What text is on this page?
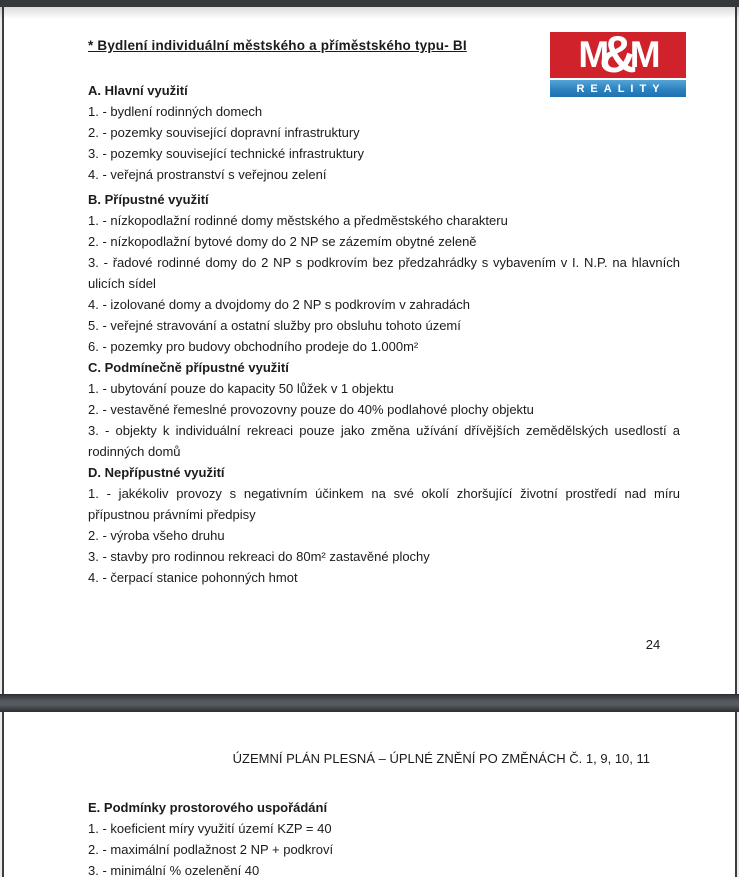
* Bydlení individuální městského a příměstského typu- BI	M
&
M
REALITY

A. Hlavní využití

1. - bydlení rodinných domech

2. - pozemky související dopravní infrastruktury

3. - pozemky související technické infrastruktury

4. - veřejná prostranství s veřejnou zelení

B. Přípustné využití

1. - nízkopodlažní rodinné domy městského a předměstského charakteru

2. - nízkopodlažní bytové domy do 2 NP se zázemím obytné zeleně

3. - řadové rodinné domy do 2 NP s podkrovím bez předzahrádky s vybavením v I. N.P. na hlavních ulicích sídel

4. - izolované domy a dvojdomy do 2 NP s podkrovím v zahradách

5. - veřejné stravování a ostatní služby pro obsluhu tohoto území

6. - pozemky pro budovy obchodního prodeje do 1.000m²

C. Podmínečně přípustné využití

1. - ubytování pouze do kapacity 50 lůžek v 1 objektu

2. - vestavěné řemeslné provozovny pouze do 40% podlahové plochy objektu

3. - objekty k individuální rekreaci pouze jako změna užívání dřívějších zemědělských usedlostí a rodinných domů

D. Nepřípustné využití

1. - jakékoliv provozy s negativním účinkem na své okolí zhoršující životní prostředí nad míru přípustnou právními předpisy

2. - výroba všeho druhu

3. - stavby pro rodinnou rekreaci do 80m² zastavěné plochy

4. - čerpací stanice pohonných hmot

24
ÚZEMNÍ PLÁN PLESNÁ – ÚPLNÉ ZNĚNÍ PO ZMĚNÁCH Č. 1, 9, 10, 11

E. Podmínky prostorového uspořádání

1. - koeficient míry využití území KZP = 40

2. - maximální podlažnost 2 NP + podkroví

3. - minimální % ozelenění 40
